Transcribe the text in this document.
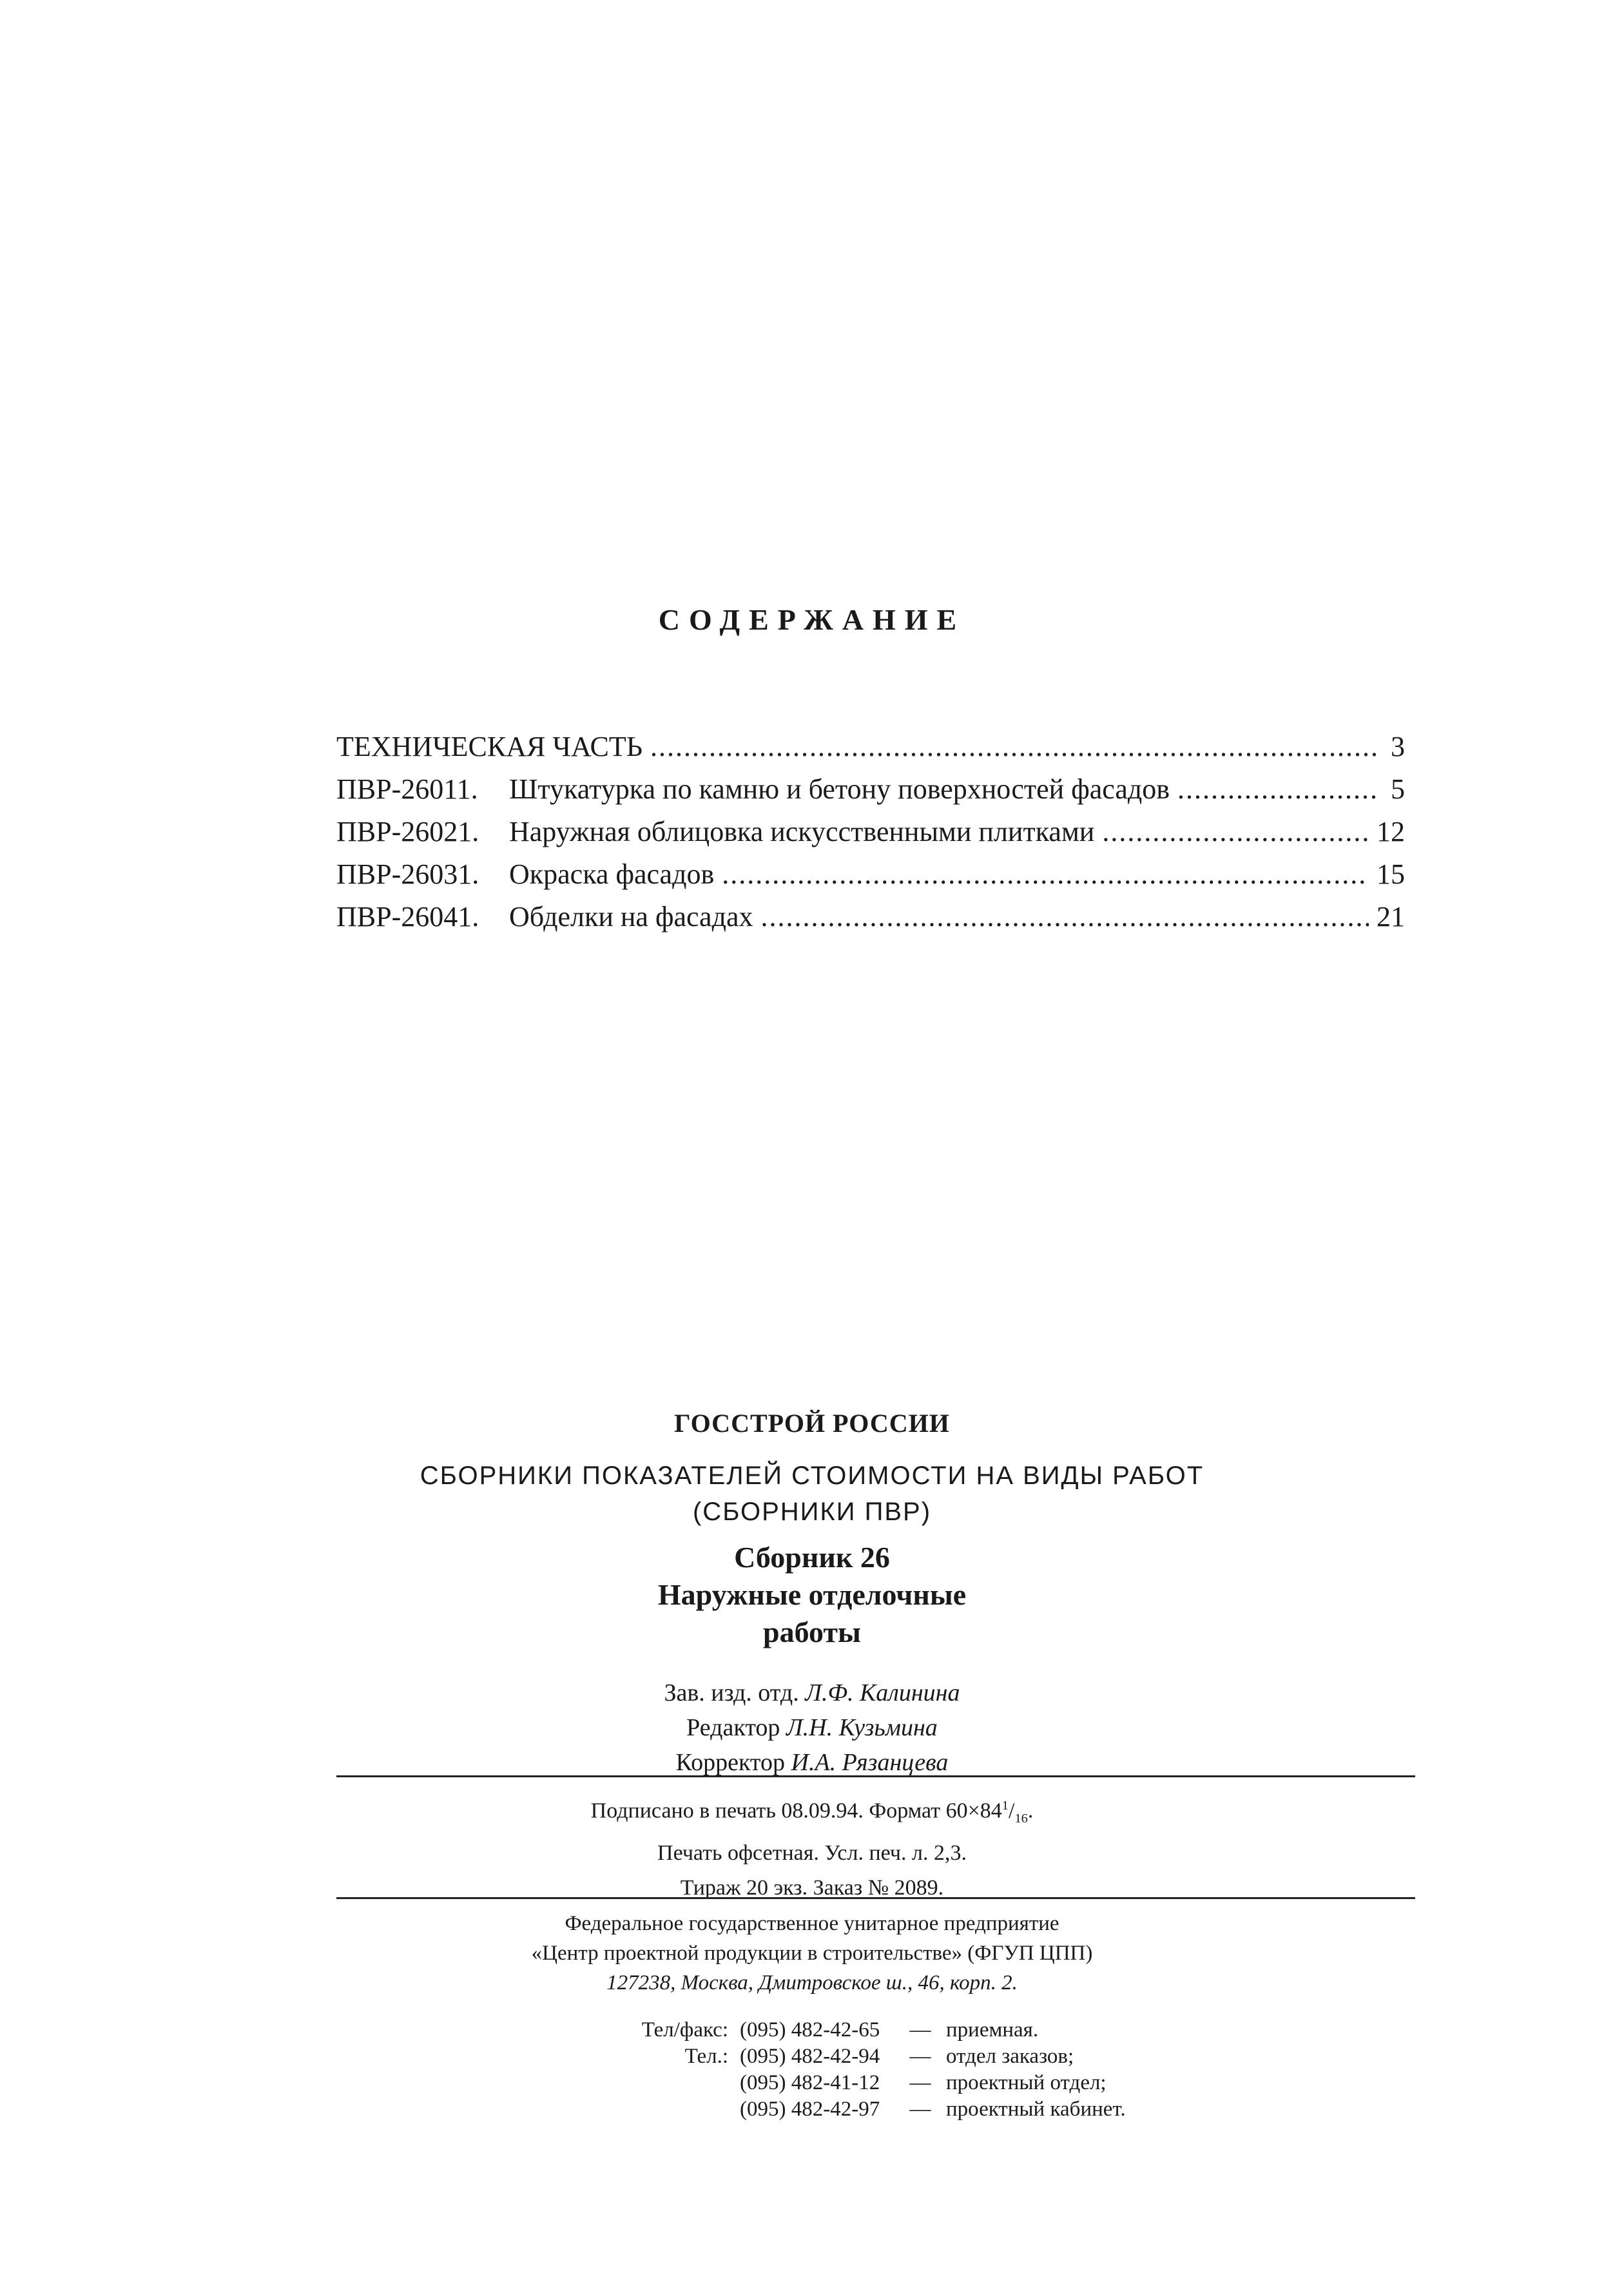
СОДЕРЖАНИЕ
ТЕХНИЧЕСКАЯ ЧАСТЬ .....	3
ПВР-26011.	Штукатурка по камню и бетону поверхностей фасадов .....	5
ПВР-26021.	Наружная облицовка искусственными плитками .....	12
ПВР-26031.	Окраска фасадов .....	15
ПВР-26041.	Обделки на фасадах .....	21
ГОССТРОЙ РОССИИ
СБОРНИКИ ПОКАЗАТЕЛЕЙ СТОИМОСТИ НА ВИДЫ РАБОТ
(СБОРНИКИ ПВР)
Сборник 26
Наружные отделочные
работы
Зав. изд. отд. Л.Ф. Калинина
Редактор Л.Н. Кузьмина
Корректор И.А. Рязанцева
Подписано в печать 08.09.94. Формат $60\times 84^1/_{16}$.
Печать офсетная. Усл. печ. л. 2,3.
Тираж 20 экз. Заказ № 2089.
Федеральное государственное унитарное предприятие
«Центр проектной продукции в строительстве» (ФГУП ЦПП)
127238, Москва, Дмитровское ш., 46, корп. 2.
Тел/факс: (095) 482-42-65	— приемная.
Тел.: (095) 482-42-94	— отдел заказов;
(095) 482-41-12	— проектный отдел;
(095) 482-42-97	— проектный кабинет.
